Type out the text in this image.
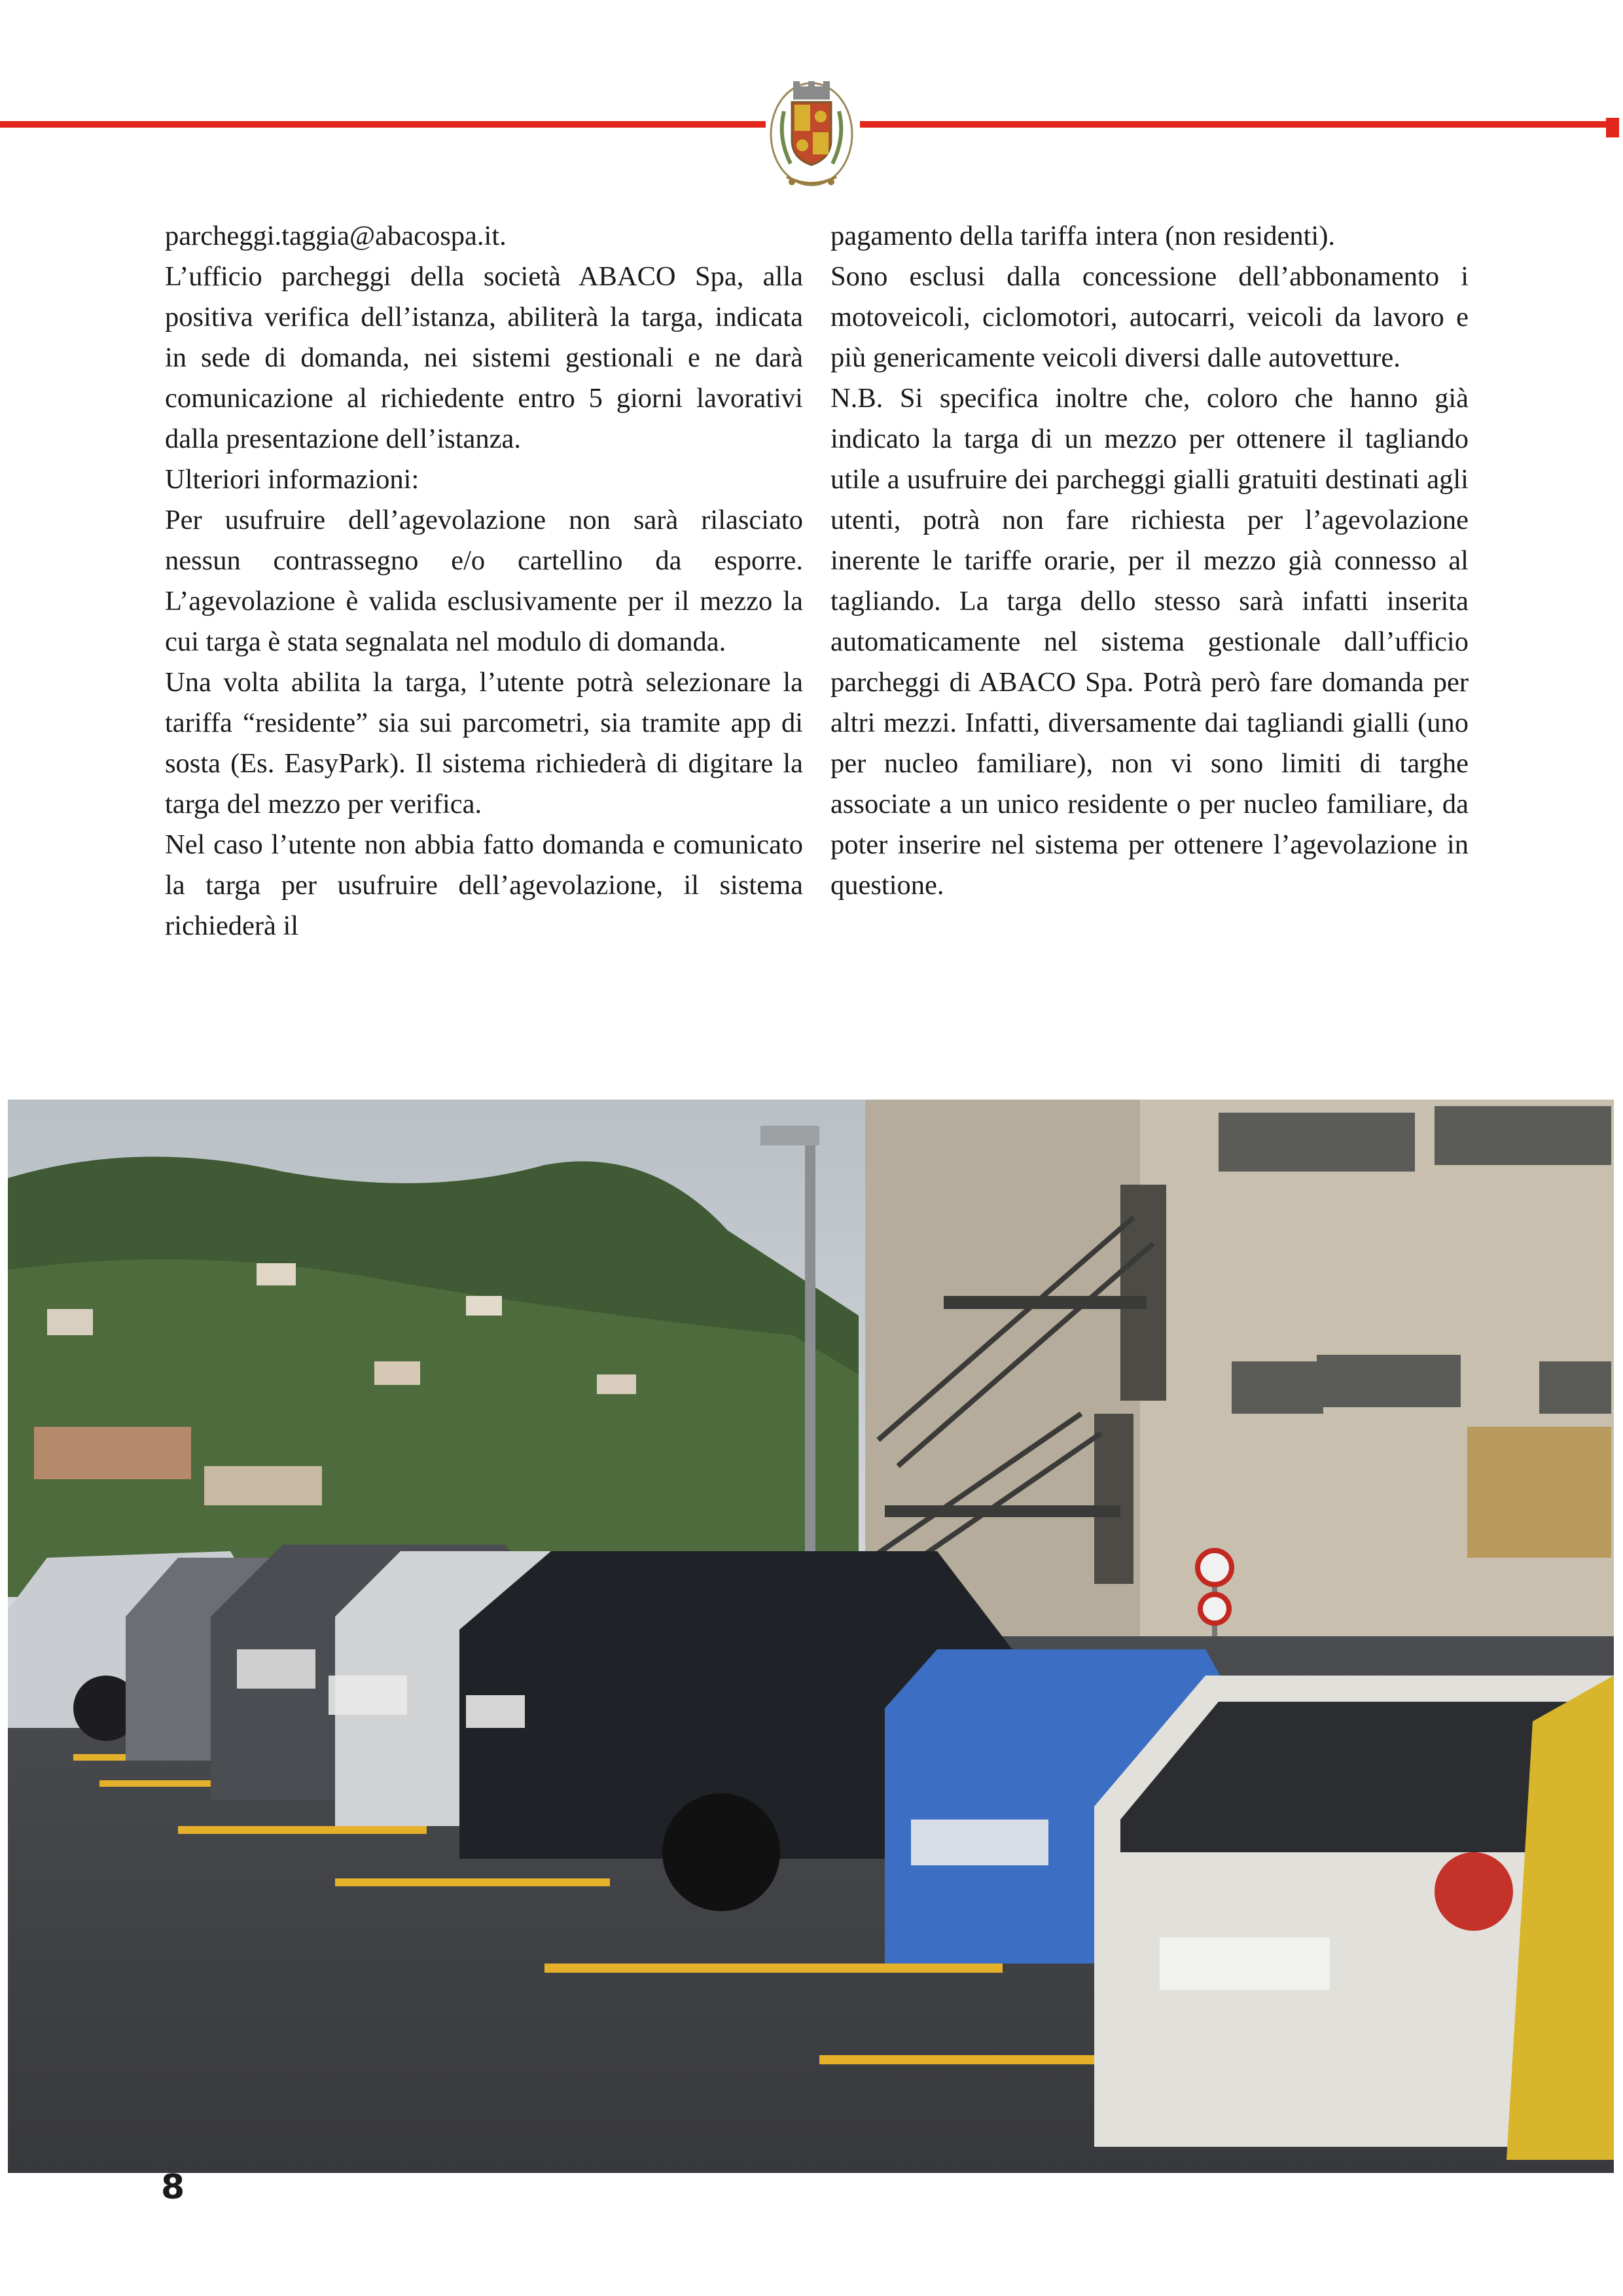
parcheggi.taggia@abacospa.it.

L’ufficio parcheggi della società ABACO Spa, alla positiva verifica dell’istanza, abiliterà la targa, indicata in sede di domanda, nei sistemi gestionali e ne darà comunicazione al richiedente entro 5 giorni lavorativi dalla presentazione dell’istanza.

Ulteriori informazioni:

Per usufruire dell’agevolazione non sarà rilasciato nessun contrassegno e/o cartellino da esporre. L’agevolazione è valida esclusivamente per il mezzo la cui targa è stata segnalata nel modulo di domanda.

Una volta abilita la targa, l’utente potrà selezionare la tariffa “residente” sia sui parcometri, sia tramite app di sosta (Es. EasyPark). Il sistema richiederà di digitare la targa del mezzo per verifica.

Nel caso l’utente non abbia fatto domanda e comunicato la targa per usufruire dell’agevolazione, il sistema richiederà il

pagamento della tariffa intera (non residenti).

Sono esclusi dalla concessione dell’abbonamento i motoveicoli, ciclomotori, autocarri, veicoli da lavoro e più genericamente veicoli diversi dalle autovetture.

N.B. Si specifica inoltre che, coloro che hanno già indicato la targa di un mezzo per ottenere il tagliando utile a usufruire dei parcheggi gialli gratuiti destinati agli utenti, potrà non fare richiesta per l’agevolazione inerente le tariffe orarie, per il mezzo già connesso al tagliando. La targa dello stesso sarà infatti inserita automaticamente nel sistema gestionale dall’ufficio parcheggi di ABACO Spa. Potrà però fare domanda per altri mezzi. Infatti, diversamente dai tagliandi gialli (uno per nucleo familiare), non vi sono limiti di targhe associate a un unico residente o per nucleo familiare, da poter inserire nel sistema per ottenere l’agevolazione in questione.

8
